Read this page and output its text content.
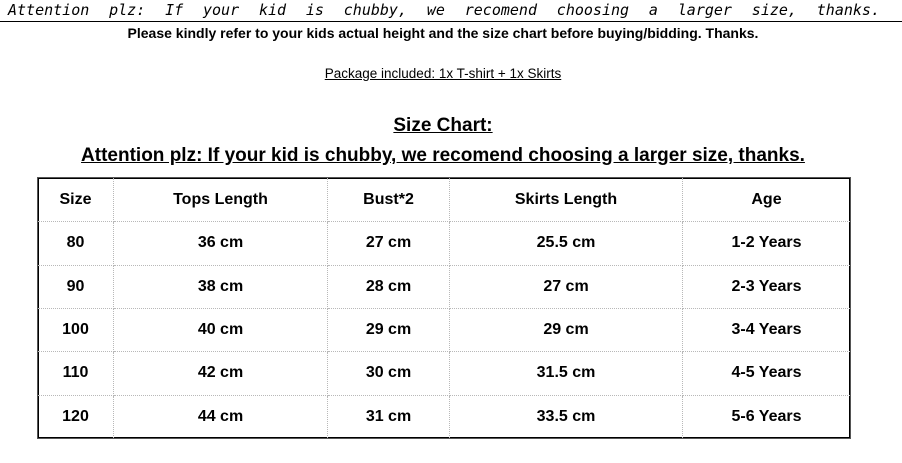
Attention plz: If your kid is chubby, we recomend choosing a larger size, thanks.
Please kindly refer to your kids actual height and the size chart before buying/bidding. Thanks.
Package included: 1x T-shirt + 1x Skirts
Size Chart:
Attention plz: If your kid is chubby, we recomend choosing a larger size, thanks.
Size	Tops Length	Bust*2	Skirts Length	Age
80	36 cm	27 cm	25.5 cm	1-2 Years
90	38 cm	28 cm	27 cm	2-3 Years
100	40 cm	29 cm	29 cm	3-4 Years
110	42 cm	30 cm	31.5 cm	4-5 Years
120	44 cm	31 cm	33.5 cm	5-6 Years
